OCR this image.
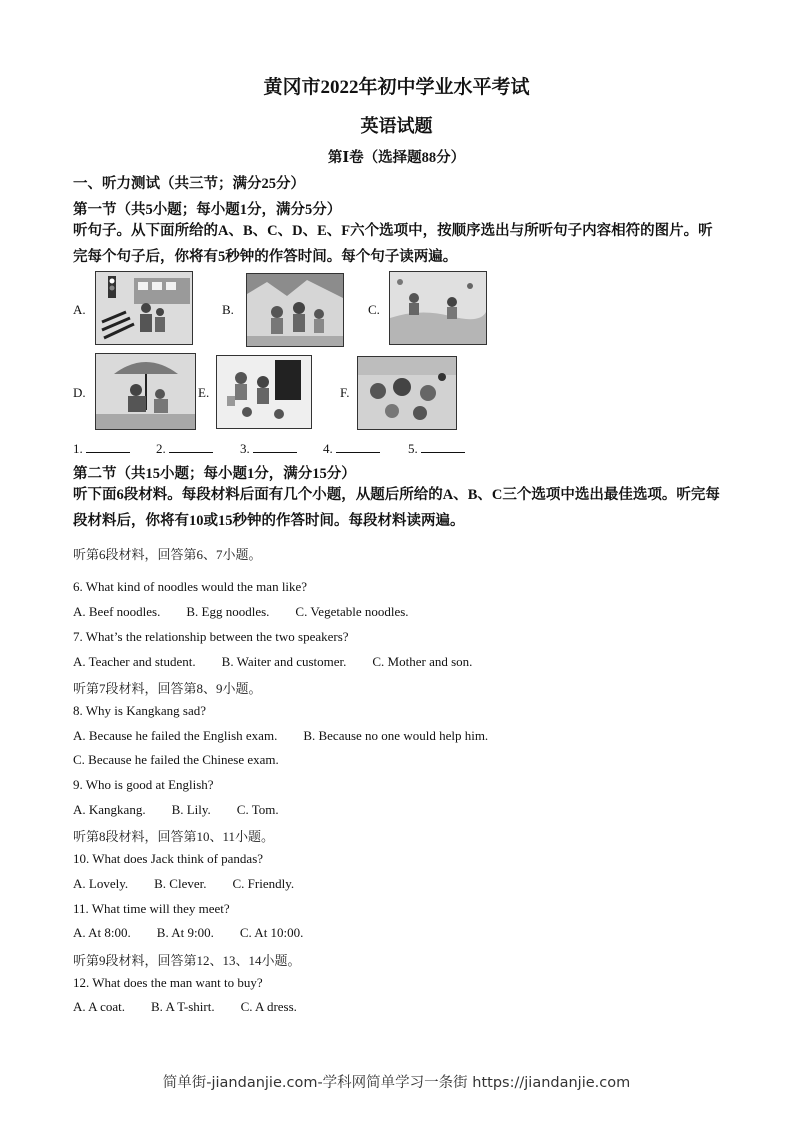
黄冈市2022年初中学业水平考试
英语试题
第Ⅰ卷（选择题88分）
一、听力测试（共三节；满分25分）
第一节（共5小题；每小题1分，满分5分）
听句子。从下面所给的A、B、C、D、E、F六个选项中，按顺序选出与所听句子内容相符的图片。听完每个句子后，你将有5秒钟的作答时间。每个句子读两遍。
A.	B.	C.
D.	E.	F.
1.	2.	3.	4.	5.
第二节（共15小题；每小题1分，满分15分）
听下面6段材料。每段材料后面有几个小题，从题后所给的A、B、C三个选项中选出最佳选项。听完每段材料后，你将有10或15秒钟的作答时间。每段材料读两遍。
听第6段材料，回答第6、7小题。
6. What kind of noodles would the man like?
A. Beef noodles.        B. Egg noodles.        C. Vegetable noodles.
7. What’s the relationship between the two speakers?
A. Teacher and student.        B. Waiter and customer.        C. Mother and son.
听第7段材料，回答第8、9小题。
8. Why is Kangkang sad?
A. Because he failed the English exam.        B. Because no one would help him.
C. Because he failed the Chinese exam.
9. Who is good at English?
A. Kangkang.        B. Lily.        C. Tom.
听第8段材料，回答第10、11小题。
10. What does Jack think of pandas?
A. Lovely.        B. Clever.        C. Friendly.
11. What time will they meet?
A. At 8:00.        B. At 9:00.        C. At 10:00.
听第9段材料，回答第12、13、14小题。
12. What does the man want to buy?
A. A coat.        B. A T-shirt.        C. A dress.
简单街-jiandanjie.com-学科网简单学习一条街 https://jiandanjie.com
